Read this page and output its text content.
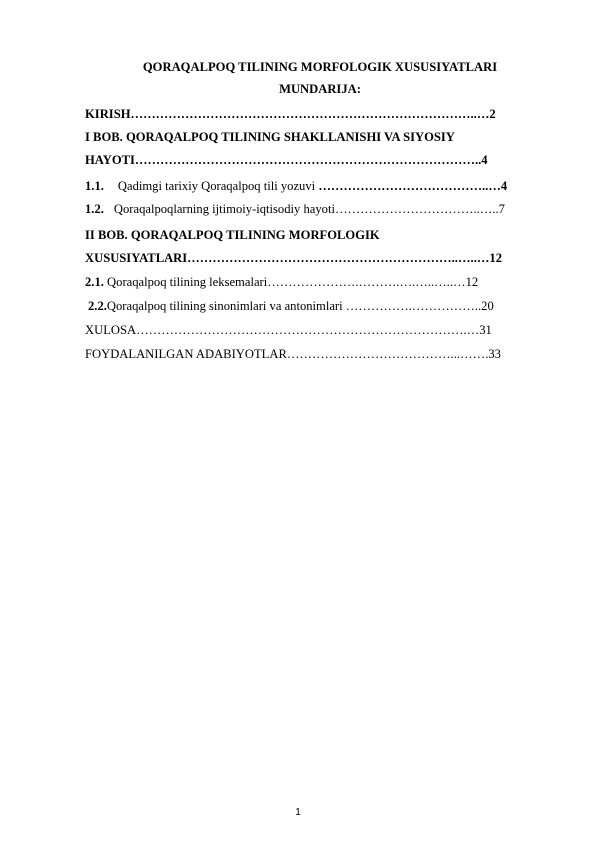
QORAQALPOQ TILINING MORFOLOGIK XUSUSIYATLARI
MUNDARIJA:
KIRISH………………………………………………………………………..…2
I BOB. QORAQALPOQ TILINING SHAKLLANISHI VA SIYOSIY
HAYOTI………………………………………………………………………..4
1.1. Qadimgi tarixiy Qoraqalpoq tili yozuvi …………………………………..…4
1.2. Qoraqalpoqlarning ijtimoiy-iqtisodiy hayoti……………………………..…..7
II BOB. QORAQALPOQ TILINING MORFOLOGIK
XUSUSIYATLARI………………………………………………………..…..…12
2.1. Qoraqalpoq tilining leksemalari………………….……….….…..…..…12
2.2.Qoraqalpoq tilining sinonimlari va antonimlari …………….……………..20
XULOSA…………………………………………………………………….…31
FOYDALANILGAN ADABIYOTLAR…………………………………...…….33
1
